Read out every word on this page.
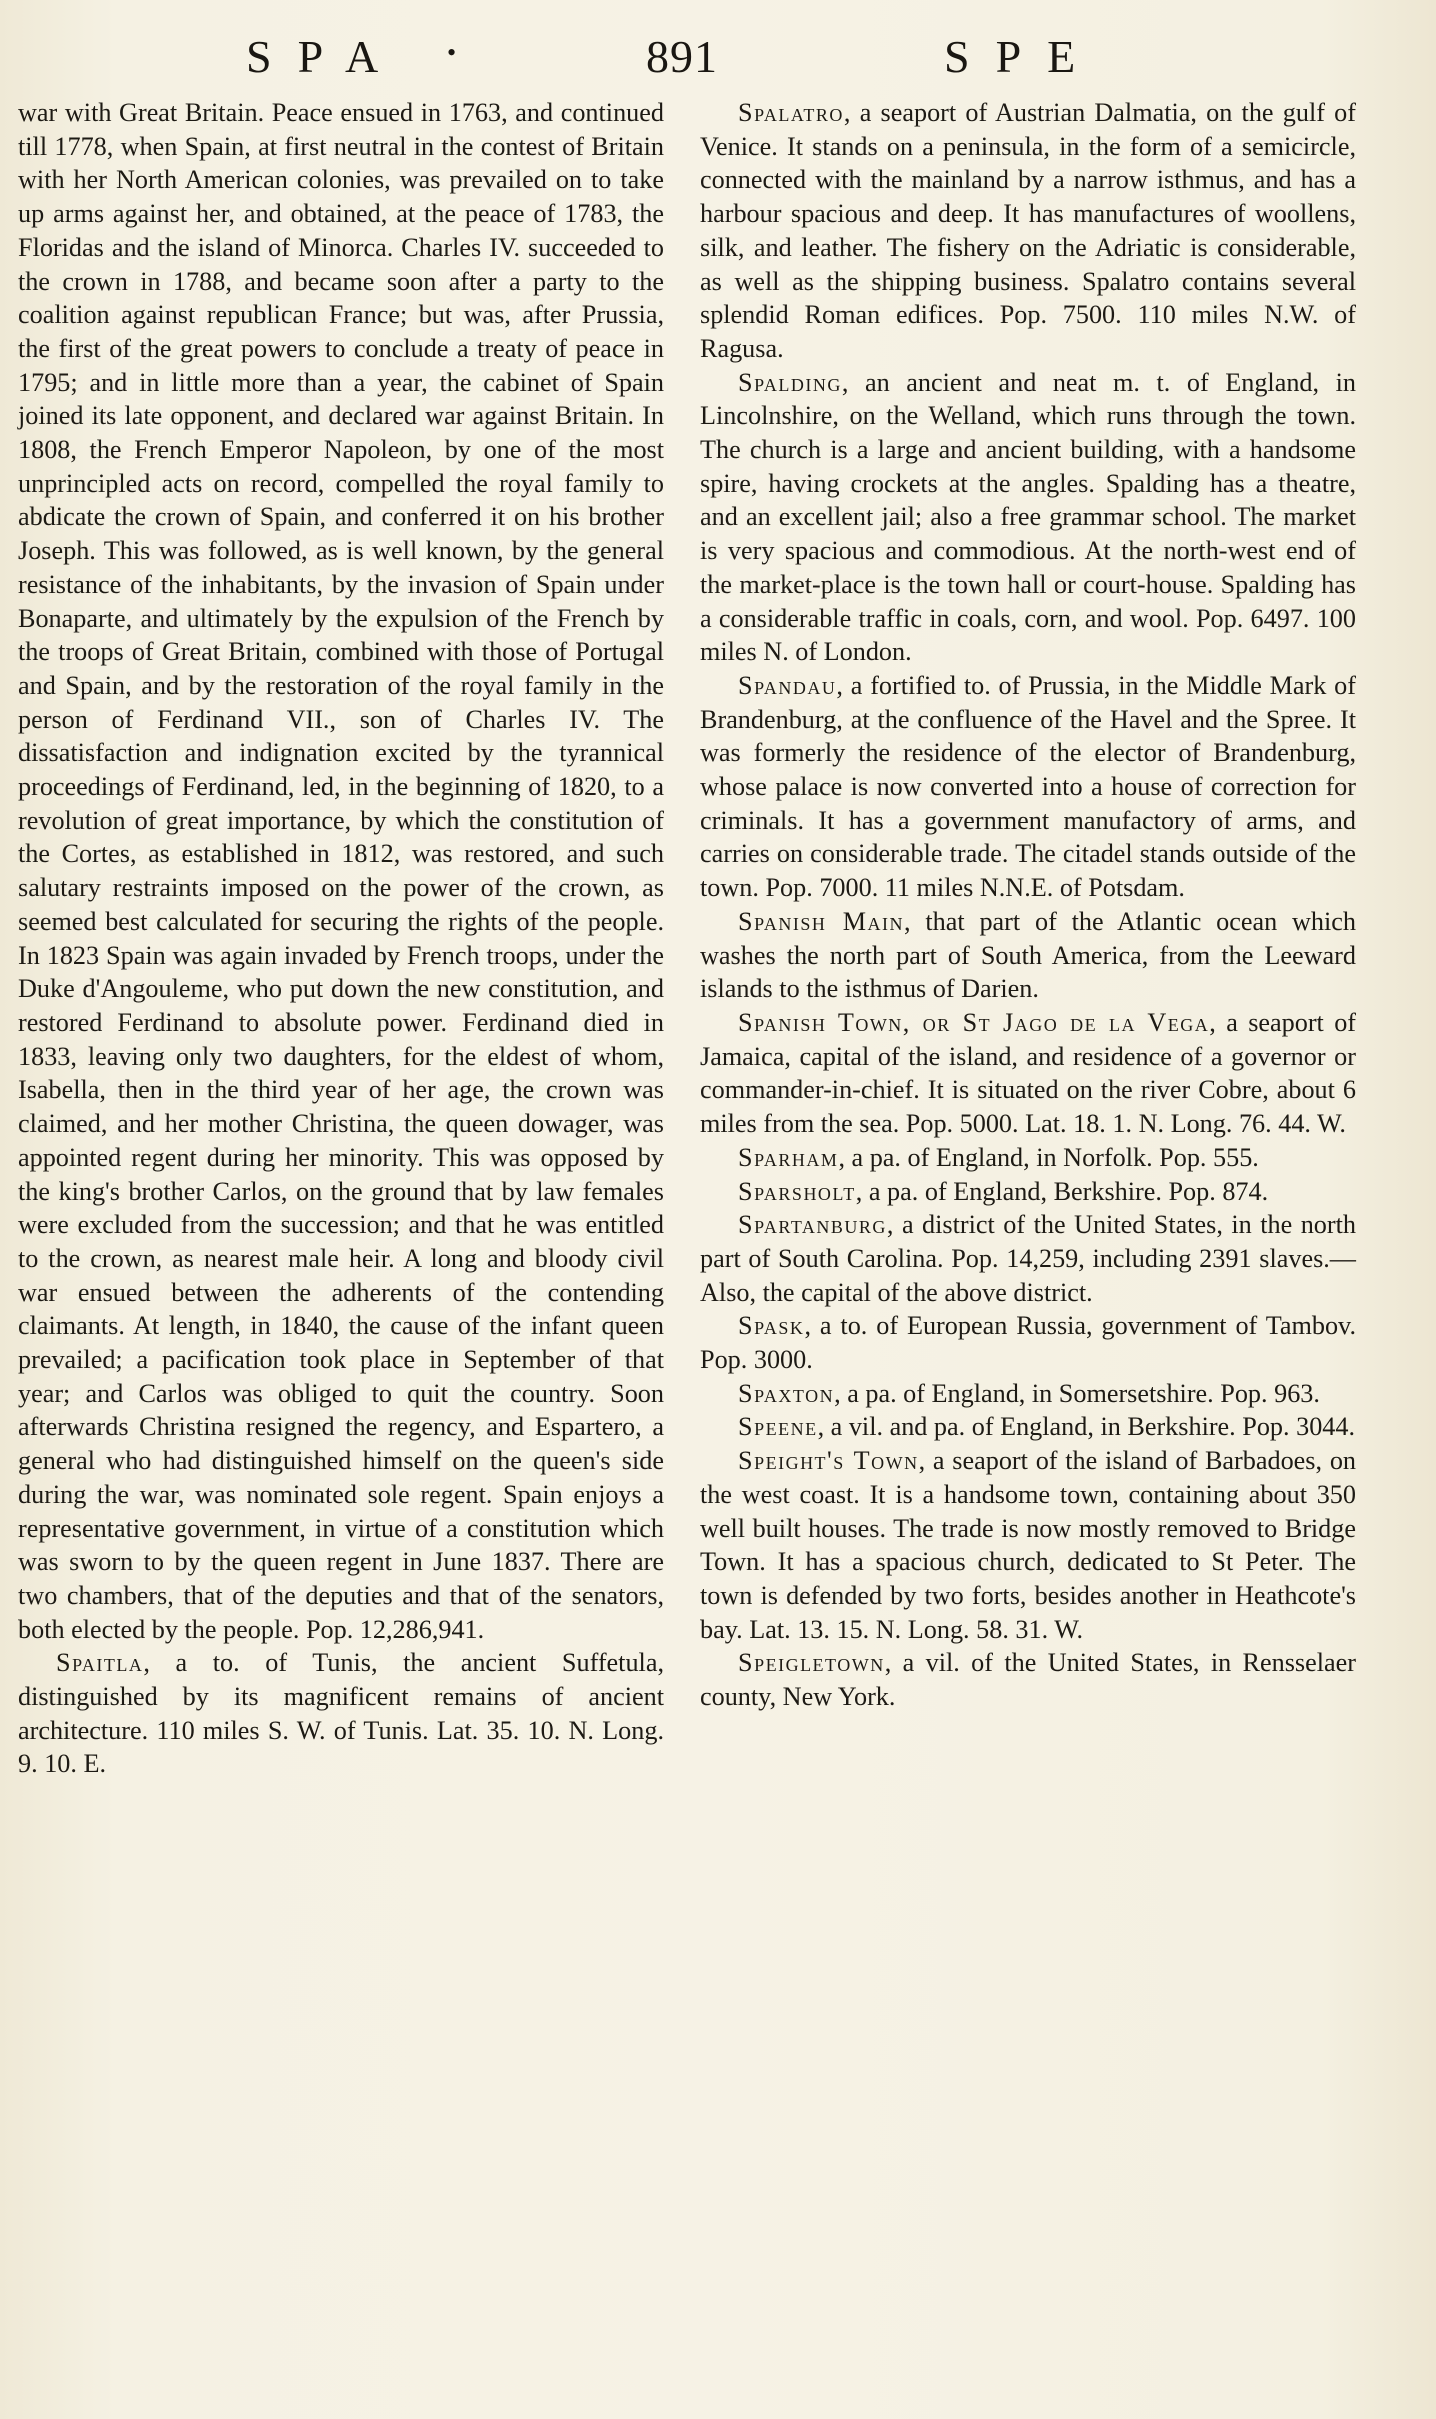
SPA •	891	SPE

war with Great Britain. Peace ensued in 1763, and continued till 1778, when Spain, at first neutral in the contest of Britain with her North American colonies, was prevailed on to take up arms against her, and obtained, at the peace of 1783, the Floridas and the island of Minorca. Charles IV. succeeded to the crown in 1788, and became soon after a party to the coalition against republican France; but was, after Prussia, the first of the great powers to conclude a treaty of peace in 1795; and in little more than a year, the cabinet of Spain joined its late opponent, and declared war against Britain. In 1808, the French Emperor Napoleon, by one of the most unprincipled acts on record, compelled the royal family to abdicate the crown of Spain, and conferred it on his brother Joseph. This was followed, as is well known, by the general resistance of the inhabitants, by the invasion of Spain under Bonaparte, and ultimately by the expulsion of the French by the troops of Great Britain, combined with those of Portugal and Spain, and by the restoration of the royal family in the person of Ferdinand VII., son of Charles IV. The dissatisfaction and indignation excited by the tyrannical proceedings of Ferdinand, led, in the beginning of 1820, to a revolution of great importance, by which the constitution of the Cortes, as established in 1812, was restored, and such salutary restraints imposed on the power of the crown, as seemed best calculated for securing the rights of the people. In 1823 Spain was again invaded by French troops, under the Duke d'Angouleme, who put down the new constitution, and restored Ferdinand to absolute power. Ferdinand died in 1833, leaving only two daughters, for the eldest of whom, Isabella, then in the third year of her age, the crown was claimed, and her mother Christina, the queen dowager, was appointed regent during her minority. This was opposed by the king's brother Carlos, on the ground that by law females were excluded from the succession; and that he was entitled to the crown, as nearest male heir. A long and bloody civil war ensued between the adherents of the contending claimants. At length, in 1840, the cause of the infant queen prevailed; a pacification took place in September of that year; and Carlos was obliged to quit the country. Soon afterwards Christina resigned the regency, and Espartero, a general who had distinguished himself on the queen's side during the war, was nominated sole regent. Spain enjoys a representative government, in virtue of a constitution which was sworn to by the queen regent in June 1837. There are two chambers, that of the deputies and that of the senators, both elected by the people. Pop. 12,286,941.

Spaitla, a to. of Tunis, the ancient Suffetula, distinguished by its magnificent remains of ancient architecture. 110 miles S. W. of Tunis. Lat. 35. 10. N. Long. 9. 10. E.

Spalatro, a seaport of Austrian Dalmatia, on the gulf of Venice. It stands on a peninsula, in the form of a semicircle, connected with the mainland by a narrow isthmus, and has a harbour spacious and deep. It has manufactures of woollens, silk, and leather. The fishery on the Adriatic is considerable, as well as the shipping business. Spalatro contains several splendid Roman edifices. Pop. 7500. 110 miles N.W. of Ragusa.

Spalding, an ancient and neat m. t. of England, in Lincolnshire, on the Welland, which runs through the town. The church is a large and ancient building, with a handsome spire, having crockets at the angles. Spalding has a theatre, and an excellent jail; also a free grammar school. The market is very spacious and commodious. At the north-west end of the market-place is the town hall or court-house. Spalding has a considerable traffic in coals, corn, and wool. Pop. 6497. 100 miles N. of London.

Spandau, a fortified to. of Prussia, in the Middle Mark of Brandenburg, at the confluence of the Havel and the Spree. It was formerly the residence of the elector of Brandenburg, whose palace is now converted into a house of correction for criminals. It has a government manufactory of arms, and carries on considerable trade. The citadel stands outside of the town. Pop. 7000. 11 miles N.N.E. of Potsdam.

Spanish Main, that part of the Atlantic ocean which washes the north part of South America, from the Leeward islands to the isthmus of Darien.

Spanish Town, or St Jago de la Vega, a seaport of Jamaica, capital of the island, and residence of a governor or commander-in-chief. It is situated on the river Cobre, about 6 miles from the sea. Pop. 5000. Lat. 18. 1. N. Long. 76. 44. W.

Sparham, a pa. of England, in Norfolk. Pop. 555.

Sparsholt, a pa. of England, Berkshire. Pop. 874.

Spartanburg, a district of the United States, in the north part of South Carolina. Pop. 14,259, including 2391 slaves.—Also, the capital of the above district.

Spask, a to. of European Russia, government of Tambov. Pop. 3000.

Spaxton, a pa. of England, in Somersetshire. Pop. 963.

Speene, a vil. and pa. of England, in Berkshire. Pop. 3044.

Speight's Town, a seaport of the island of Barbadoes, on the west coast. It is a handsome town, containing about 350 well built houses. The trade is now mostly removed to Bridge Town. It has a spacious church, dedicated to St Peter. The town is defended by two forts, besides another in Heathcote's bay. Lat. 13. 15. N. Long. 58. 31. W.

Speigletown, a vil. of the United States, in Rensselaer county, New York.
